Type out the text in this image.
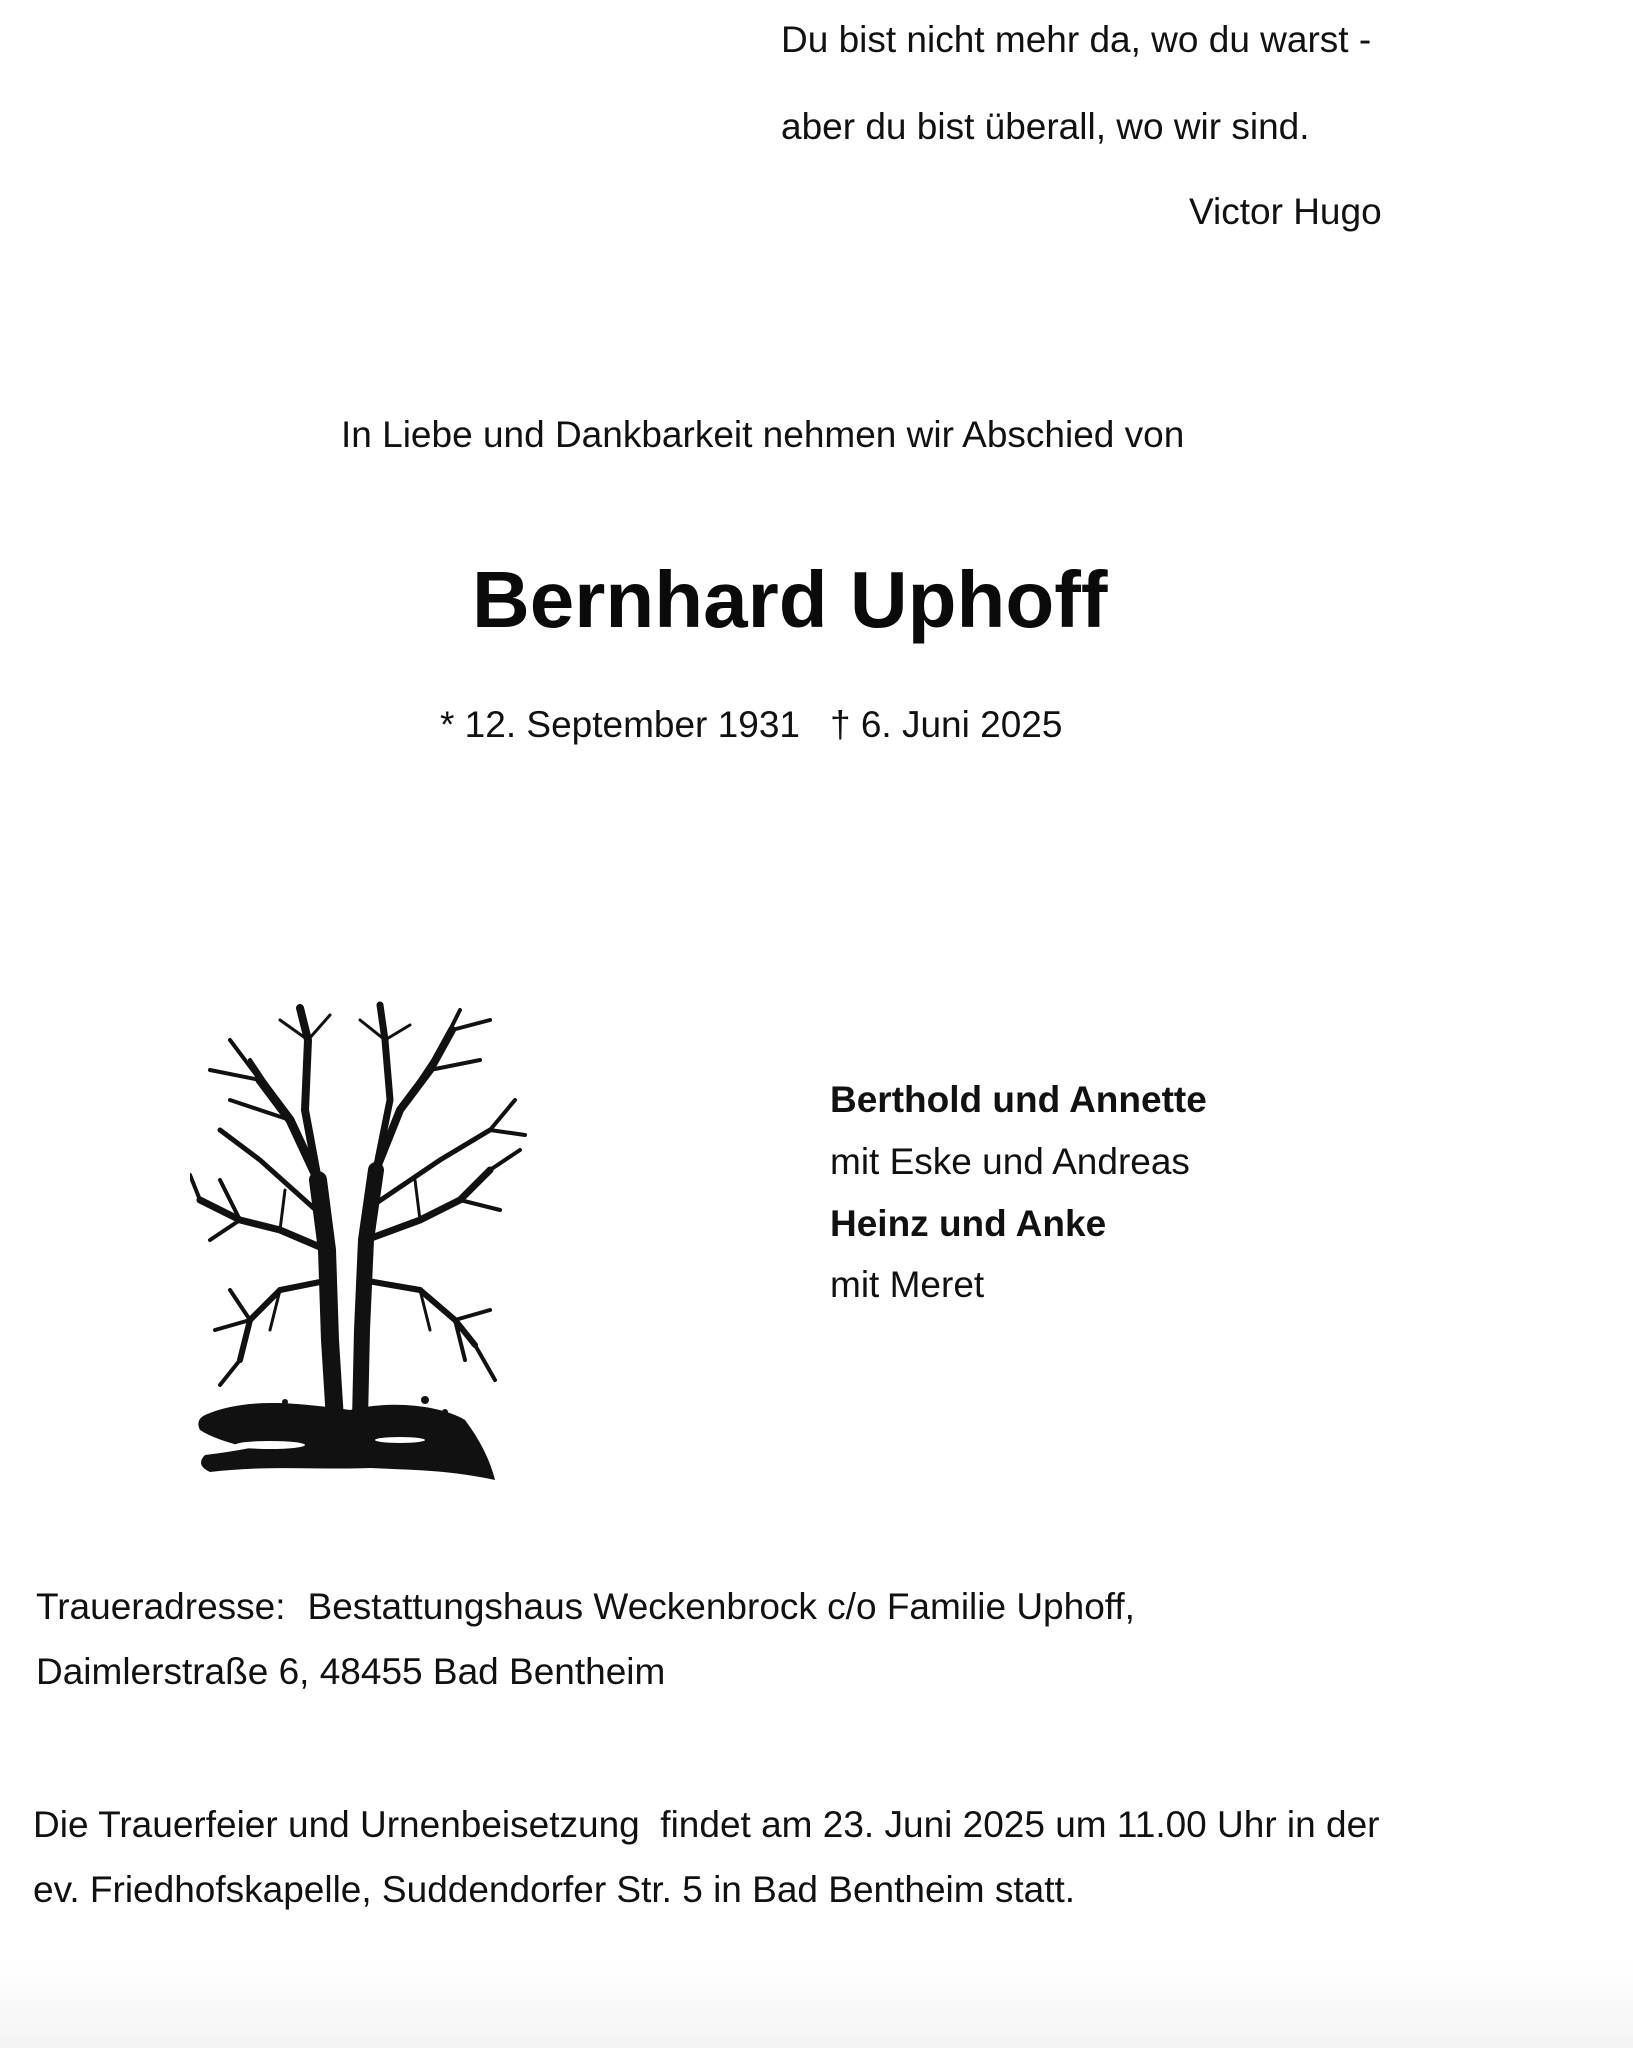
Du bist nicht mehr da, wo du warst -
aber du bist überall, wo wir sind.
Victor Hugo
In Liebe und Dankbarkeit nehmen wir Abschied von
Bernhard Uphoff
* 12. September 1931 † 6. Juni 2025
Berthold und Annette
mit Eske und Andreas
Heinz und Anke
mit Meret
Traueradresse: Bestattungshaus Weckenbrock c/o Familie Uphoff,
Daimlerstraße 6, 48455 Bad Bentheim
Die Trauerfeier und Urnenbeisetzung  findet am 23. Juni 2025 um 11.00 Uhr in der
ev. Friedhofskapelle, Suddendorfer Str. 5 in Bad Bentheim statt.
